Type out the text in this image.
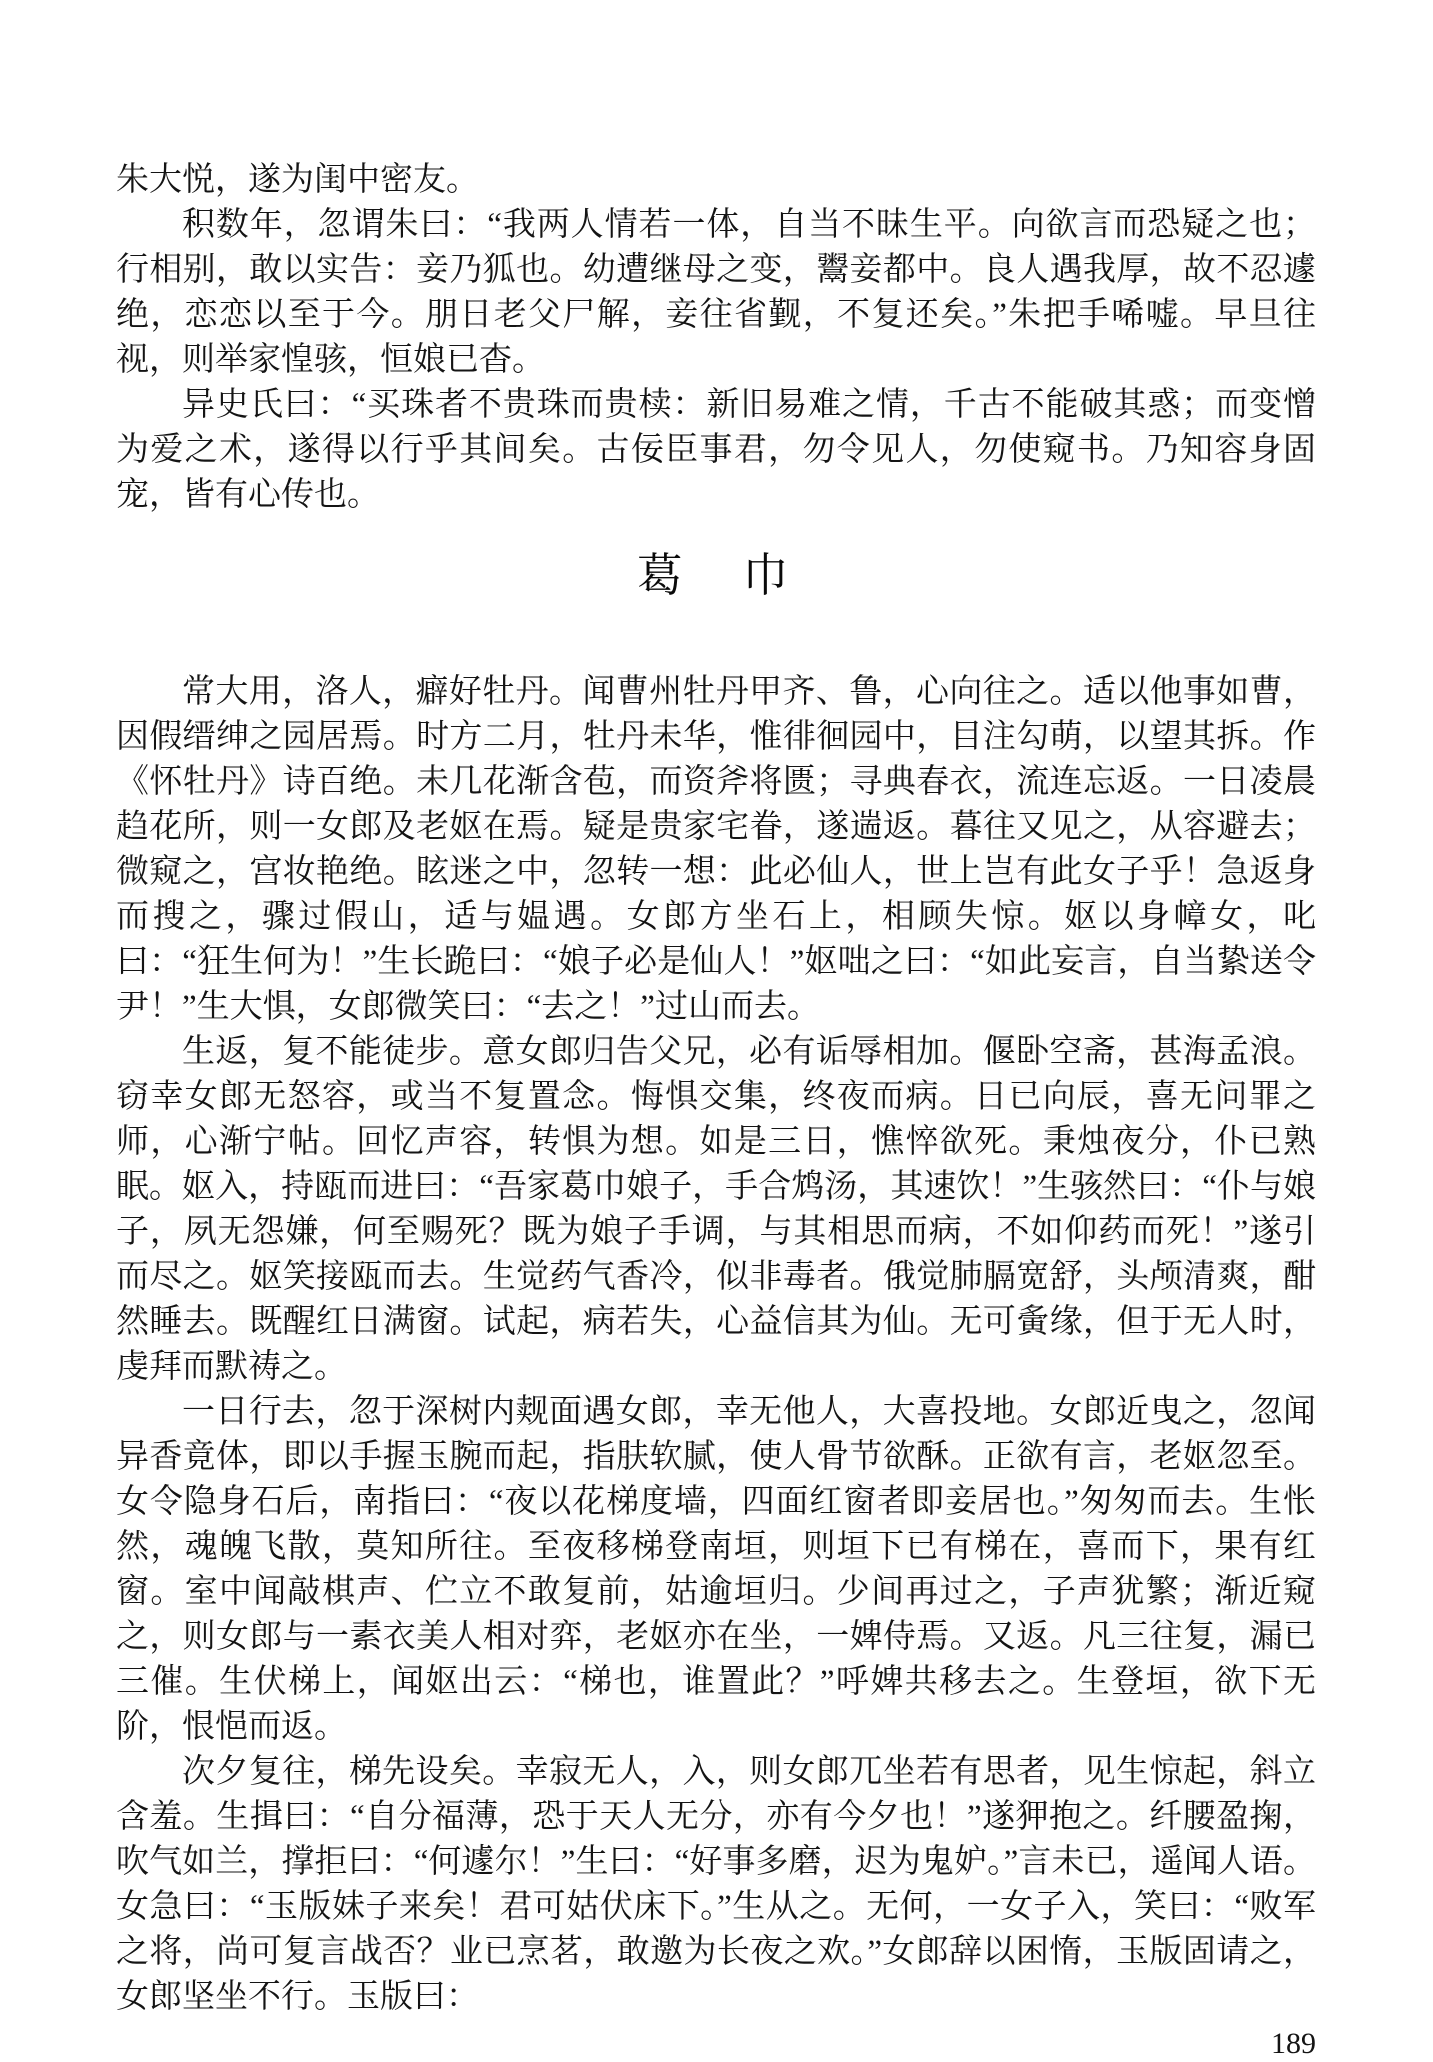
朱大悦，遂为闺中密友。

积数年，忽谓朱曰：“我两人情若一体，自当不昧生平。向欲言而恐疑之也；行相别，敢以实告：妾乃狐也。幼遭继母之变，鬻妾都中。良人遇我厚，故不忍遽绝，恋恋以至于今。朋日老父尸解，妾往省觐，不复还矣。”朱把手唏嘘。早旦往视，则举家惶骇，恒娘已杳。

异史氏曰：“买珠者不贵珠而贵椟：新旧易难之情，千古不能破其惑；而变憎为爱之术，遂得以行乎其间矣。古佞臣事君，勿令见人，勿使窥书。乃知容身固宠，皆有心传也。

葛　巾

常大用，洛人，癖好牡丹。闻曹州牡丹甲齐、鲁，心向往之。适以他事如曹，因假缙绅之园居焉。时方二月，牡丹未华，惟徘徊园中，目注勾萌，以望其拆。作《怀牡丹》诗百绝。未几花渐含苞，而资斧将匮；寻典春衣，流连忘返。一日凌晨趋花所，则一女郎及老妪在焉。疑是贵家宅眷，遂遄返。暮往又见之，从容避去；微窥之，宫妆艳绝。眩迷之中，忽转一想：此必仙人，世上岂有此女子乎！急返身而搜之，骤过假山，适与媪遇。女郎方坐石上，相顾失惊。妪以身幛女，叱曰：“狂生何为！”生长跪曰：“娘子必是仙人！”妪咄之曰：“如此妄言，自当絷送令尹！”生大惧，女郎微笑曰：“去之！”过山而去。

生返，复不能徒步。意女郎归告父兄，必有诟辱相加。偃卧空斋，甚海孟浪。窃幸女郎无怒容，或当不复置念。悔惧交集，终夜而病。日已向辰，喜无问罪之师，心渐宁帖。回忆声容，转惧为想。如是三日，憔悴欲死。秉烛夜分，仆已熟眠。妪入，持瓯而进曰：“吾家葛巾娘子，手合鸩汤，其速饮！”生骇然曰：“仆与娘子，夙无怨嫌，何至赐死？既为娘子手调，与其相思而病，不如仰药而死！”遂引而尽之。妪笑接瓯而去。生觉药气香冷，似非毒者。俄觉肺膈宽舒，头颅清爽，酣然睡去。既醒红日满窗。试起，病若失，心益信其为仙。无可夤缘，但于无人时，虔拜而默祷之。

一日行去，忽于深树内觌面遇女郎，幸无他人，大喜投地。女郎近曳之，忽闻异香竟体，即以手握玉腕而起，指肤软腻，使人骨节欲酥。正欲有言，老妪忽至。女令隐身石后，南指曰：“夜以花梯度墙，四面红窗者即妾居也。”匆匆而去。生怅然，魂魄飞散，莫知所往。至夜移梯登南垣，则垣下已有梯在，喜而下，果有红窗。室中闻敲棋声、伫立不敢复前，姑逾垣归。少间再过之，子声犹繁；渐近窥之，则女郎与一素衣美人相对弈，老妪亦在坐，一婢侍焉。又返。凡三往复，漏已三催。生伏梯上，闻妪出云：“梯也，谁置此？”呼婢共移去之。生登垣，欲下无阶，恨悒而返。

次夕复往，梯先设矣。幸寂无人，入，则女郎兀坐若有思者，见生惊起，斜立含羞。生揖曰：“自分福薄，恐于天人无分，亦有今夕也！”遂狎抱之。纤腰盈掬，吹气如兰，撑拒曰：“何遽尔！”生曰：“好事多磨，迟为鬼妒。”言未已，遥闻人语。女急曰：“玉版妹子来矣！君可姑伏床下。”生从之。无何，一女子入，笑曰：“败军之将，尚可复言战否？业已烹茗，敢邀为长夜之欢。”女郎辞以困惰，玉版固请之，女郎坚坐不行。玉版曰：

189
